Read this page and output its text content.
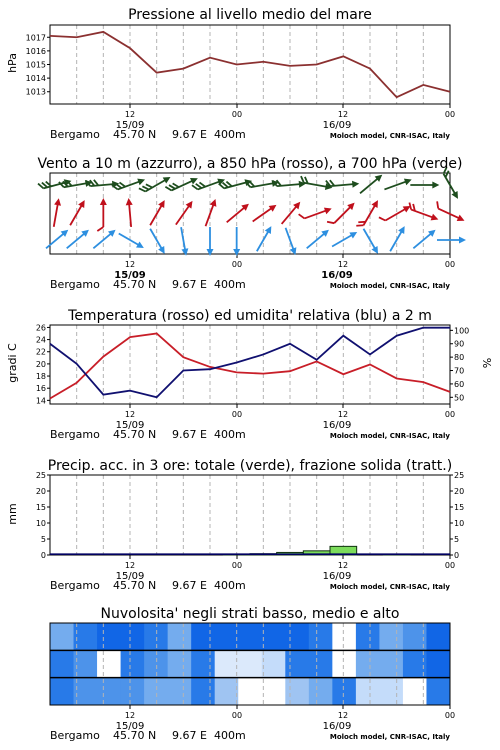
12	00	12	00
15/09	16/09
Bergamo 45.70 N 9.67 E 400m	Moloch model, CNR-ISAC, Italy
1013
1014
1015
1016
1017
12	00	12	00
15/09	16/09
Bergamo 45.70 N 9.67 E 400m	Moloch model, CNR-ISAC, Italy
12	00	12	00
15/09	16/09
Bergamo 45.70 N 9.67 E 400m	Moloch model, CNR-ISAC, Italy
14
16
18
20
22
24
26
50
60
70
80
90
100
12	00	12	00
15/09	16/09
Bergamo 45.70 N 9.67 E 400m	Moloch model, CNR-ISAC, Italy
0	0
5	5
10	10
15	15
20	20
25	25
12	00	12	00
15/09	16/09
Bergamo 45.70 N 9.67 E 400m	Moloch model, CNR-ISAC, Italy
Pressione al livello medio del mare
Vento a 10 m (azzurro), a 850 hPa (rosso), a 700 hPa (verde)
Temperatura (rosso) ed umidita' relativa (blu) a 2 m
Precip. acc. in 3 ore: totale (verde), frazione solida (tratt.)
Nuvolosita' negli strati basso, medio e alto
hPa
gradi C	%
mm
